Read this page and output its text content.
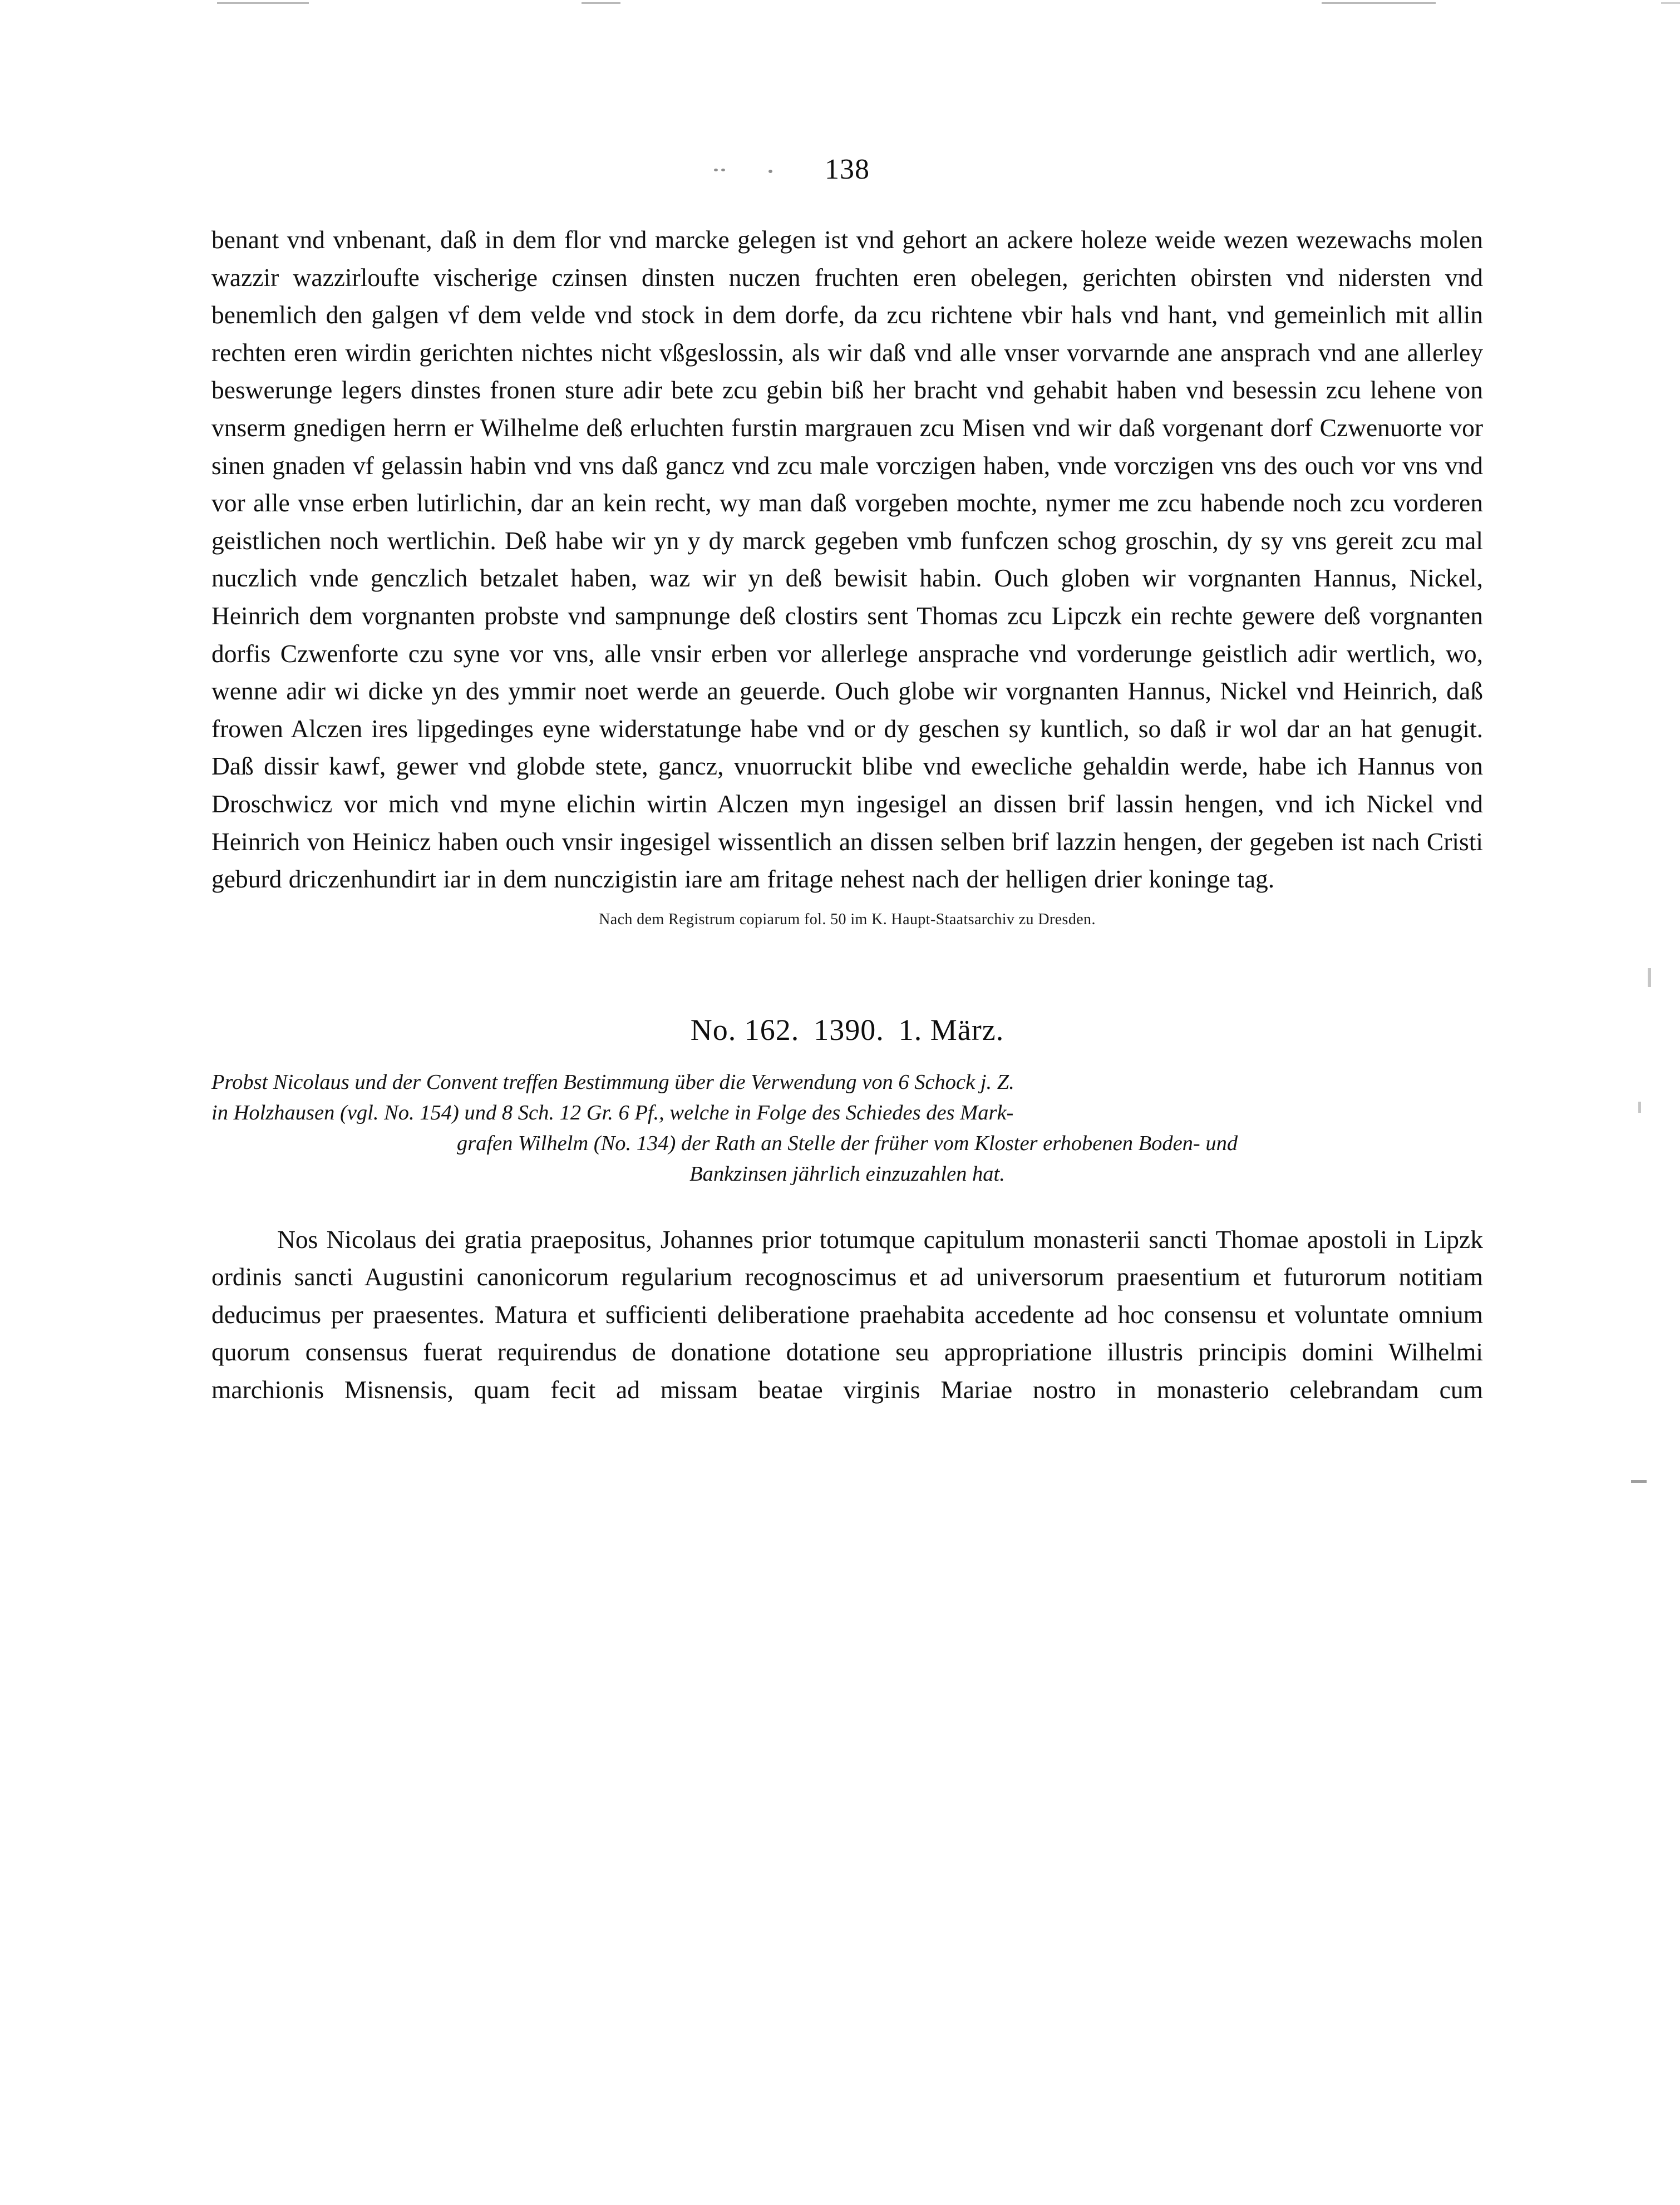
138

benant vnd vnbenant, daß in dem flor vnd marcke gelegen ist vnd gehort an ackere holeze weide wezen wezewachs molen wazzir wazzirloufte vischerige czinsen dinsten nuczen fruchten eren obelegen, gerichten obirsten vnd nidersten vnd benemlich den galgen vf dem velde vnd stock in dem dorfe, da zcu richtene vbir hals vnd hant, vnd gemeinlich mit allin rechten eren wirdin gerichten nichtes nicht vßgeslossin, als wir daß vnd alle vnser vorvarnde ane ansprach vnd ane allerley beswerunge legers dinstes fronen sture adir bete zcu gebin biß her bracht vnd gehabit haben vnd besessin zcu lehene von vnserm gnedigen herrn er Wilhelme deß erluchten furstin margrauen zcu Misen vnd wir daß vorgenant dorf Czwenuorte vor sinen gnaden vf gelassin habin vnd vns daß gancz vnd zcu male vorczigen haben, vnde vorczigen vns des ouch vor vns vnd vor alle vnse erben lutirlichin, dar an kein recht, wy man daß vorgeben mochte, nymer me zcu habende noch zcu vorderen geistlichen noch wertlichin. Deß habe wir yn y dy marck gegeben vmb funfczen schog groschin, dy sy vns gereit zcu mal nuczlich vnde genczlich betzalet haben, waz wir yn deß bewisit habin. Ouch globen wir vorgnanten Hannus, Nickel, Heinrich dem vorgnanten probste vnd sampnunge deß clostirs sent Thomas zcu Lipczk ein rechte gewere deß vorgnanten dorfis Czwenforte czu syne vor vns, alle vnsir erben vor allerlege ansprache vnd vorderunge geistlich adir wertlich, wo, wenne adir wi dicke yn des ymmir noet werde an geuerde. Ouch globe wir vorgnanten Hannus, Nickel vnd Heinrich, daß frowen Alczen ires lipgedinges eyne widerstatunge habe vnd or dy geschen sy kuntlich, so daß ir wol dar an hat genugit. Daß dissir kawf, gewer vnd globde stete, gancz, vnuorruckit blibe vnd ewecliche gehaldin werde, habe ich Hannus von Droschwicz vor mich vnd myne elichin wirtin Alczen myn ingesigel an dissen brif lassin hengen, vnd ich Nickel vnd Heinrich von Heinicz haben ouch vnsir ingesigel wissentlich an dissen selben brif lazzin hengen, der gegeben ist nach Cristi geburd driczenhundirt iar in dem nunczigistin iare am fritage nehest nach der helligen drier koninge tag.

Nach dem Registrum copiarum fol. 50 im K. Haupt-Staatsarchiv zu Dresden.
No. 162. 1390. 1. März.
Probst Nicolaus und der Convent treffen Bestimmung über die Verwendung von 6 Schock j. Z.
in Holzhausen (vgl. No. 154) und 8 Sch. 12 Gr. 6 Pf., welche in Folge des Schiedes des Mark-
grafen Wilhelm (No. 134) der Rath an Stelle der früher vom Kloster erhobenen Boden- und
Bankzinsen jährlich einzuzahlen hat.

Nos Nicolaus dei gratia praepositus, Johannes prior totumque capitulum monasterii sancti Thomae apostoli in Lipzk ordinis sancti Augustini canonicorum regularium recognoscimus et ad universorum praesentium et futurorum notitiam deducimus per praesentes. Matura et sufficienti deliberatione praehabita accedente ad hoc consensu et voluntate omnium quorum consensus fuerat requirendus de donatione dotatione seu appropriatione illustris principis domini Wilhelmi marchionis Misnensis, quam fecit ad missam beatae virginis Mariae nostro in monasterio celebrandam cum
